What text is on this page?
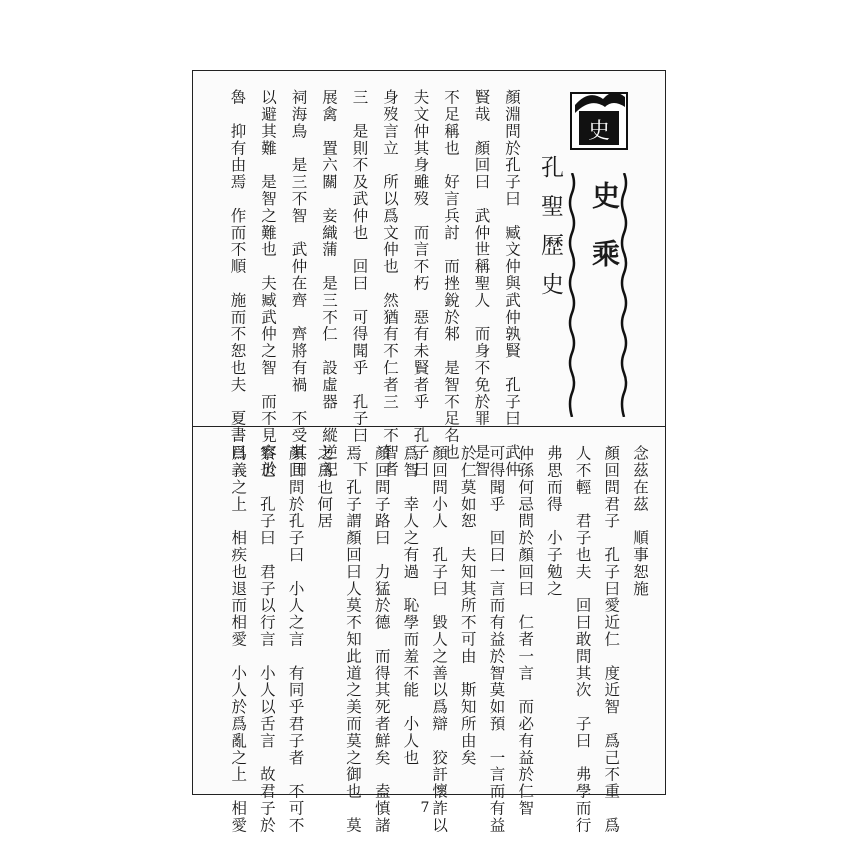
史
史乘
孔聖歷史
顏淵問於孔子曰　臧文仲與武仲孰賢　孔子曰　武仲
賢哉　顏回曰　武仲世稱聖人　而身不免於罪　是智
不足稱也　好言兵討　而挫銳於邾　是智不足名也
夫文仲其身雖歿　而言不朽　惡有未賢者乎　孔子曰
身歿言立　所以爲文仲也　然猶有不仁者三　不智者
三　是則不及武仲也　回曰　可得聞乎　孔子曰　下
展禽　置六關　妾織蒲　是三不仁　設虛器　縱逆祀
祠海鳥　是三不智　武仲在齊　齊將有禍　不受其田
以避其難　是智之難也　夫臧武仲之智　而不見容於
魯　抑有由焉　作而不順　施而不恕也夫　夏書曰
念茲在茲　順事恕施
顏回問君子　孔子曰愛近仁　度近智　爲己不重　爲
人不輕　君子也夫　回曰敢問其次　子曰　弗學而行
弗思而得　小子勉之
仲孫何忌問於顏回曰　仁者一言　而必有益於仁智
可得聞乎　回曰一言而有益於智莫如預　一言而有益
於仁莫如恕　夫知其所不可由　斯知所由矣
顏回問小人　孔子曰　毀人之善以爲辯　狡訐懷詐以
爲智　幸人之有過　恥學而羞不能　小人也
顏回問子路曰　力猛於德　而得其死者鮮矣　盍慎諸
焉　孔子謂顏回曰人莫不知此道之美而莫之御也　莫
之爲也何居
顏回問於孔子曰　小人之言　有同乎君子者　不可不
察也　孔子曰　君子以行言　小人以舌言　故君子於
爲義之上　相疾也退而相愛　小人於爲亂之上　相愛	7
